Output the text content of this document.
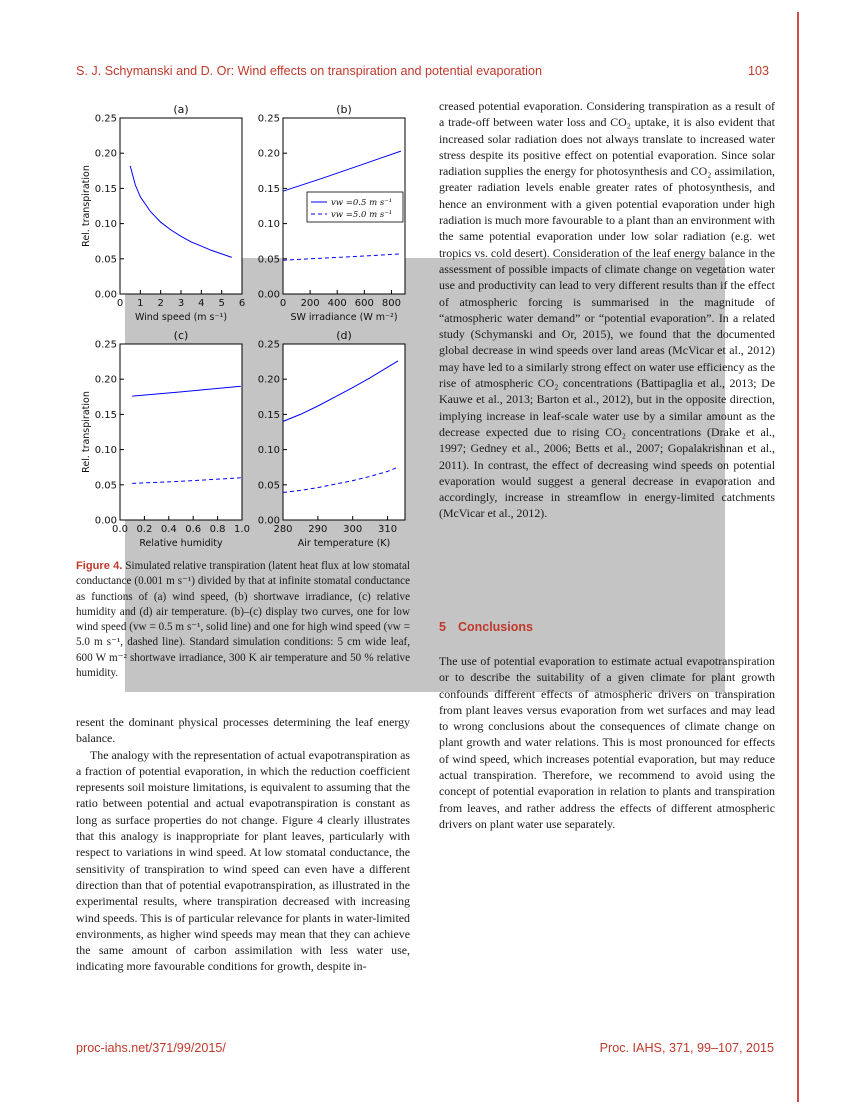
S. J. Schymanski and D. Or: Wind effects on transpiration and potential evaporation	103
(a)
0 1 2 3 4 5 6
0.00
0.05
0.10
0.15
0.20
0.25
Wind speed (m s⁻¹)
Rel. transpiration
(b)
0 200 400 600 800
0.00
0.05
0.10
0.15
0.20
0.25
SW irradiance (W m⁻²)
vw =0.5 m s⁻¹
vw =5.0 m s⁻¹
(c)
0.0 0.2 0.4 0.6 0.8 1.0
0.00
0.05
0.10
0.15
0.20
0.25
Relative humidity
Rel. transpiration
(d)
280 290 300 310
0.00
0.05
0.10
0.15
0.20
0.25
Air temperature (K)
Figure 4. Simulated relative transpiration (latent heat flux at low stomatal conductance (0.001 m s⁻¹) divided by that at infinite stomatal conductance as functions of (a) wind speed, (b) shortwave irradiance, (c) relative humidity and (d) air temperature. (b)–(c) display two curves, one for low wind speed (vw = 0.5 m s⁻¹, solid line) and one for high wind speed (vw = 5.0 m s⁻¹, dashed line). Standard simulation conditions: 5 cm wide leaf, 600 W m⁻² shortwave irradiance, 300 K air temperature and 50 % relative humidity.

resent the dominant physical processes determining the leaf energy balance.

The analogy with the representation of actual evapotranspiration as a fraction of potential evaporation, in which the reduction coefficient represents soil moisture limitations, is equivalent to assuming that the ratio between potential and actual evapotranspiration is constant as long as surface properties do not change. Figure 4 clearly illustrates that this analogy is inappropriate for plant leaves, particularly with respect to variations in wind speed. At low stomatal conductance, the sensitivity of transpiration to wind speed can even have a different direction than that of potential evapotranspiration, as illustrated in the experimental results, where transpiration decreased with increasing wind speeds. This is of particular relevance for plants in water-limited environments, as higher wind speeds may mean that they can achieve the same amount of carbon assimilation with less water use, indicating more favourable conditions for growth, despite in-

creased potential evaporation. Considering transpiration as a result of a trade-off between water loss and CO₂ uptake, it is also evident that increased solar radiation does not always translate to increased water stress despite its positive effect on potential evaporation. Since solar radiation supplies the energy for photosynthesis and CO₂ assimilation, greater radiation levels enable greater rates of photosynthesis, and hence an environment with a given potential evaporation under high radiation is much more favourable to a plant than an environment with the same potential evaporation under low solar radiation (e.g. wet tropics vs. cold desert). Consideration of the leaf energy balance in the assessment of possible impacts of climate change on vegetation water use and productivity can lead to very different results than if the effect of atmospheric forcing is summarised in the magnitude of “atmospheric water demand” or “potential evaporation”. In a related study (Schymanski and Or, 2015), we found that the documented global decrease in wind speeds over land areas (McVicar et al., 2012) may have led to a similarly strong effect on water use efficiency as the rise of atmospheric CO₂ concentrations (Battipaglia et al., 2013; De Kauwe et al., 2013; Barton et al., 2012), but in the opposite direction, implying increase in leaf-scale water use by a similar amount as the decrease expected due to rising CO₂ concentrations (Drake et al., 1997; Gedney et al., 2006; Betts et al., 2007; Gopalakrishnan et al., 2011). In contrast, the effect of decreasing wind speeds on potential evaporation would suggest a general decrease in evaporation and accordingly, increase in streamflow in energy-limited catchments (McVicar et al., 2012).

5 Conclusions

The use of potential evaporation to estimate actual evapotranspiration or to describe the suitability of a given climate for plant growth confounds different effects of atmospheric drivers on transpiration from plant leaves versus evaporation from wet surfaces and may lead to wrong conclusions about the consequences of climate change on plant growth and water relations. This is most pronounced for effects of wind speed, which increases potential evaporation, but may reduce actual transpiration. Therefore, we recommend to avoid using the concept of potential evaporation in relation to plants and transpiration from leaves, and rather address the effects of different atmospheric drivers on plant water use separately.

proc-iahs.net/371/99/2015/	Proc. IAHS, 371, 99–107, 2015
